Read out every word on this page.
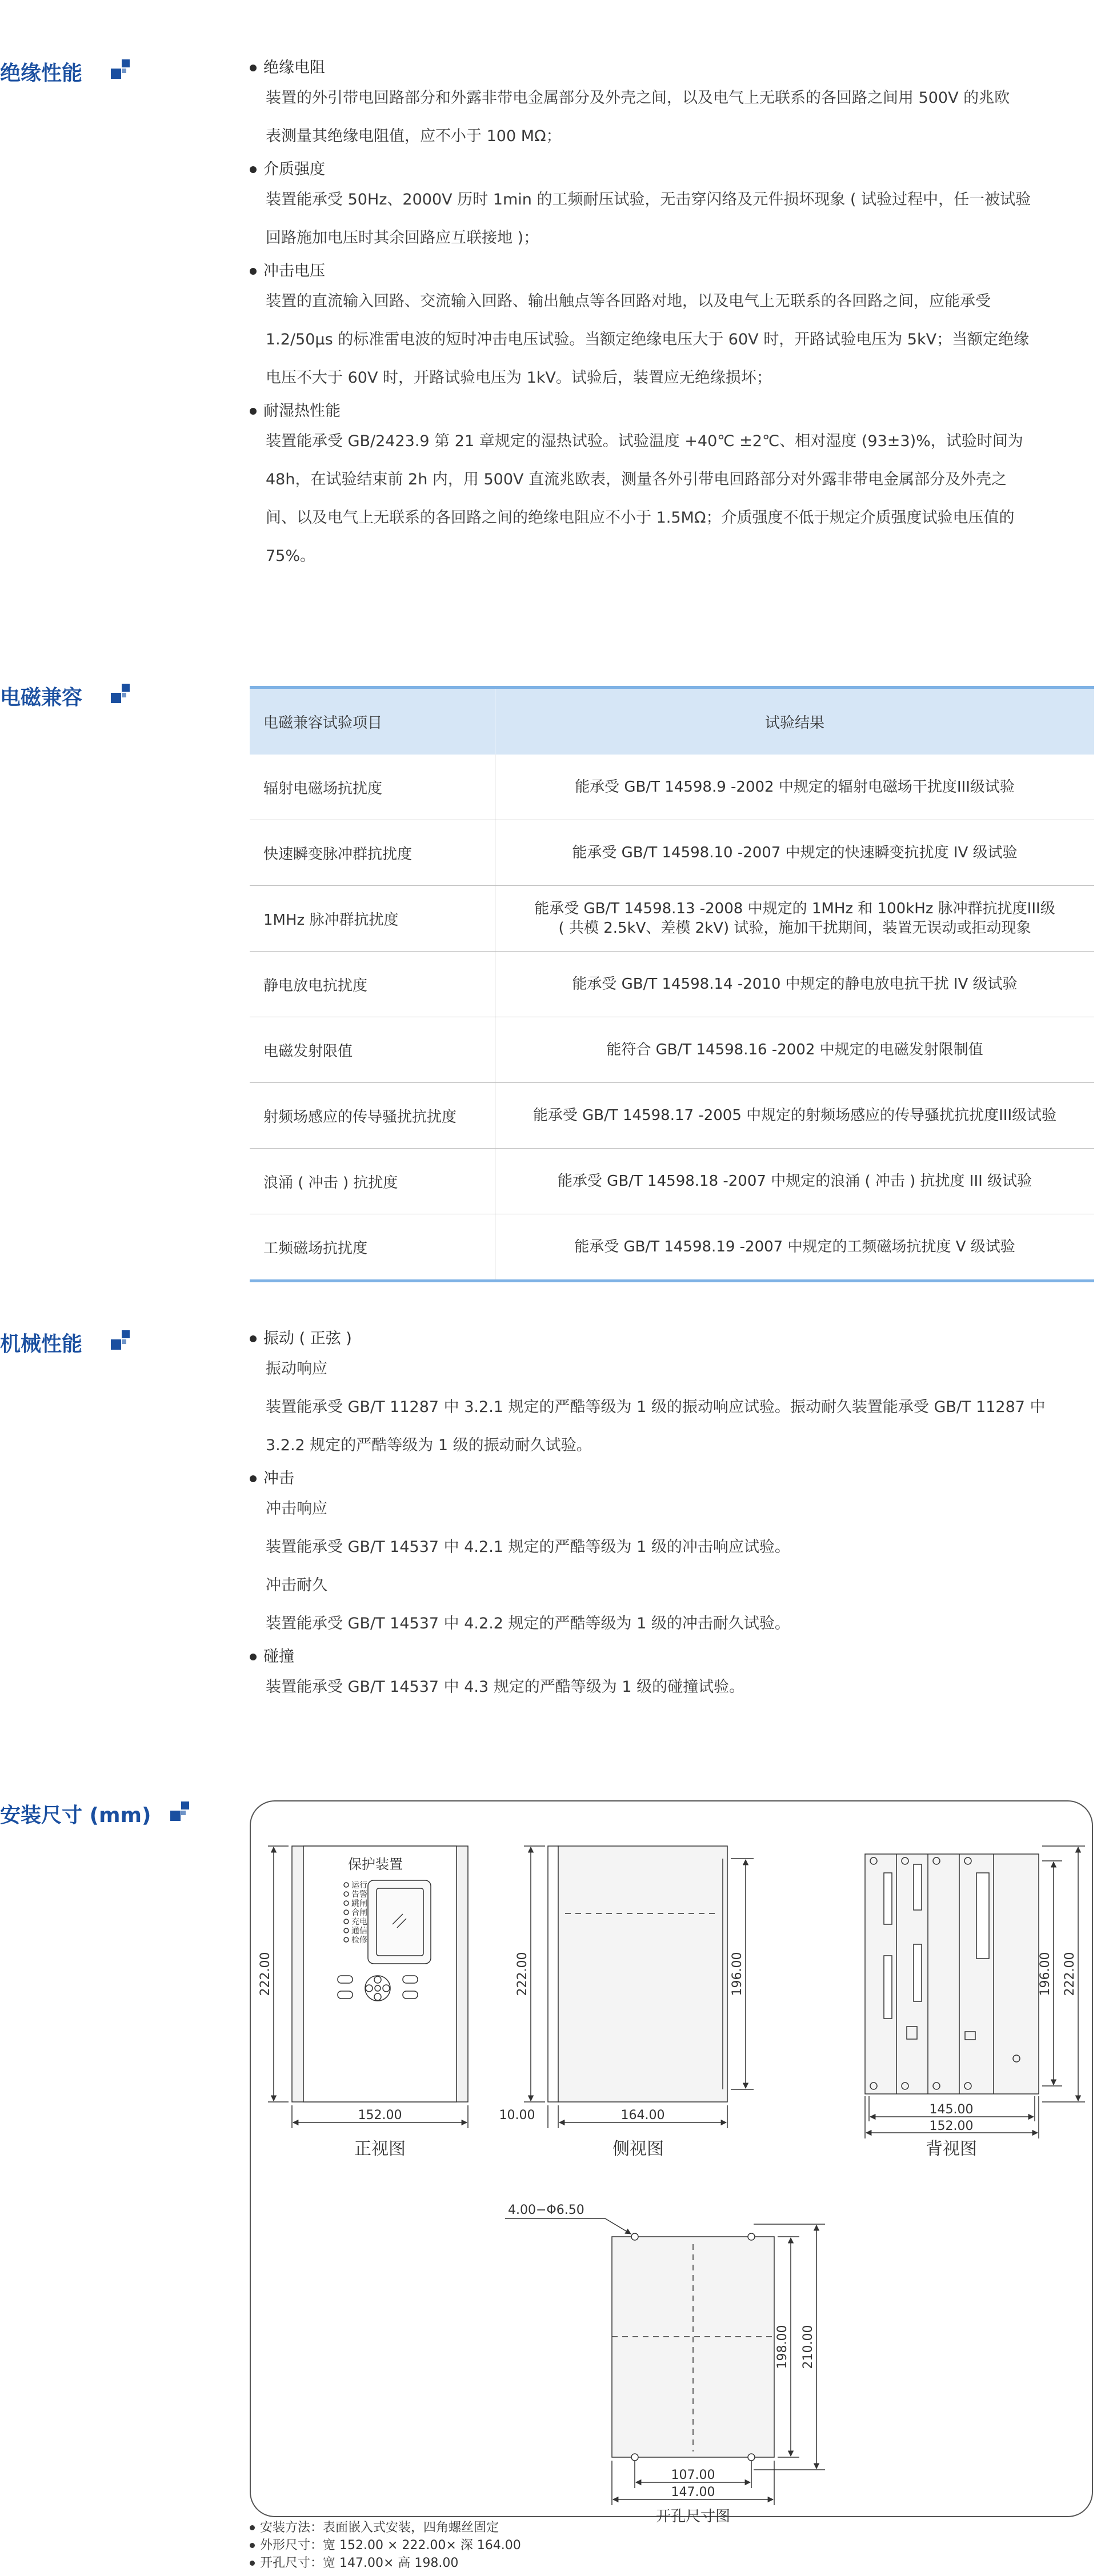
绝缘性能	绝缘电阻
装置的外引带电回路部分和外露非带电金属部分及外壳之间，以及电气上无联系的各回路之间用 500V 的兆欧
表测量其绝缘电阻值，应不小于 100 MΩ；
介质强度
装置能承受 50Hz、2000V 历时 1min 的工频耐压试验，无击穿闪络及元件损坏现象 ( 试验过程中，任一被试验
回路施加电压时其余回路应互联接地 )；
冲击电压
装置的直流输入回路、交流输入回路、输出触点等各回路对地，以及电气上无联系的各回路之间，应能承受
1.2/50μs 的标准雷电波的短时冲击电压试验。当额定绝缘电压大于 60V 时，开路试验电压为 5kV；当额定绝缘
电压不大于 60V 时，开路试验电压为 1kV。试验后，装置应无绝缘损坏；
耐湿热性能
装置能承受 GB/2423.9 第 21 章规定的湿热试验。试验温度 +40℃ ±2℃、相对湿度 (93±3)%，试验时间为
48h，在试验结束前 2h 内，用 500V 直流兆欧表，测量各外引带电回路部分对外露非带电金属部分及外壳之
间、以及电气上无联系的各回路之间的绝缘电阻应不小于 1.5MΩ；介质强度不低于规定介质强度试验电压值的
75%。
电磁兼容
电磁兼容试验项目	试验结果
辐射电磁场抗扰度	能承受 GB/T 14598.9 -2002 中规定的辐射电磁场干扰度III级试验
快速瞬变脉冲群抗扰度	能承受 GB/T 14598.10 -2007 中规定的快速瞬变抗扰度 IV 级试验
1MHz 脉冲群抗扰度	能承受 GB/T 14598.13 -2008 中规定的 1MHz 和 100kHz 脉冲群抗扰度III级
( 共模 2.5kV、差模 2kV) 试验，施加干扰期间，装置无误动或拒动现象
静电放电抗扰度	能承受 GB/T 14598.14 -2010 中规定的静电放电抗干扰 IV 级试验
电磁发射限值	能符合 GB/T 14598.16 -2002 中规定的电磁发射限制值
射频场感应的传导骚扰抗扰度	能承受 GB/T 14598.17 -2005 中规定的射频场感应的传导骚扰抗扰度III级试验
浪涌 ( 冲击 ) 抗扰度	能承受 GB/T 14598.18 -2007 中规定的浪涌 ( 冲击 ) 抗扰度 III 级试验
工频磁场抗扰度	能承受 GB/T 14598.19 -2007 中规定的工频磁场抗扰度 V 级试验
机械性能	振动 ( 正弦 )
振动响应
装置能承受 GB/T 11287 中 3.2.1 规定的严酷等级为 1 级的振动响应试验。振动耐久装置能承受 GB/T 11287 中
3.2.2 规定的严酷等级为 1 级的振动耐久试验。
冲击
冲击响应
装置能承受 GB/T 14537 中 4.2.1 规定的严酷等级为 1 级的冲击响应试验。
冲击耐久
装置能承受 GB/T 14537 中 4.2.2 规定的严酷等级为 1 级的冲击耐久试验。
碰撞
装置能承受 GB/T 14537 中 4.3 规定的严酷等级为 1 级的碰撞试验。
安装尺寸 (mm)
保护装置
运行
告警
跳闸
合闸
充电
通信
检修
222.00
152.00
正视图
222.00	196.00
164.00
10.00
侧视图
196.00 222.00
145.00
152.00
背视图
4.00−Φ6.50
198.00 210.00
107.00
147.00
开孔尺寸图
安装方法：表面嵌入式安装，四角螺丝固定
外形尺寸：宽 152.00 × 222.00× 深 164.00
开孔尺寸：宽 147.00× 高 198.00
